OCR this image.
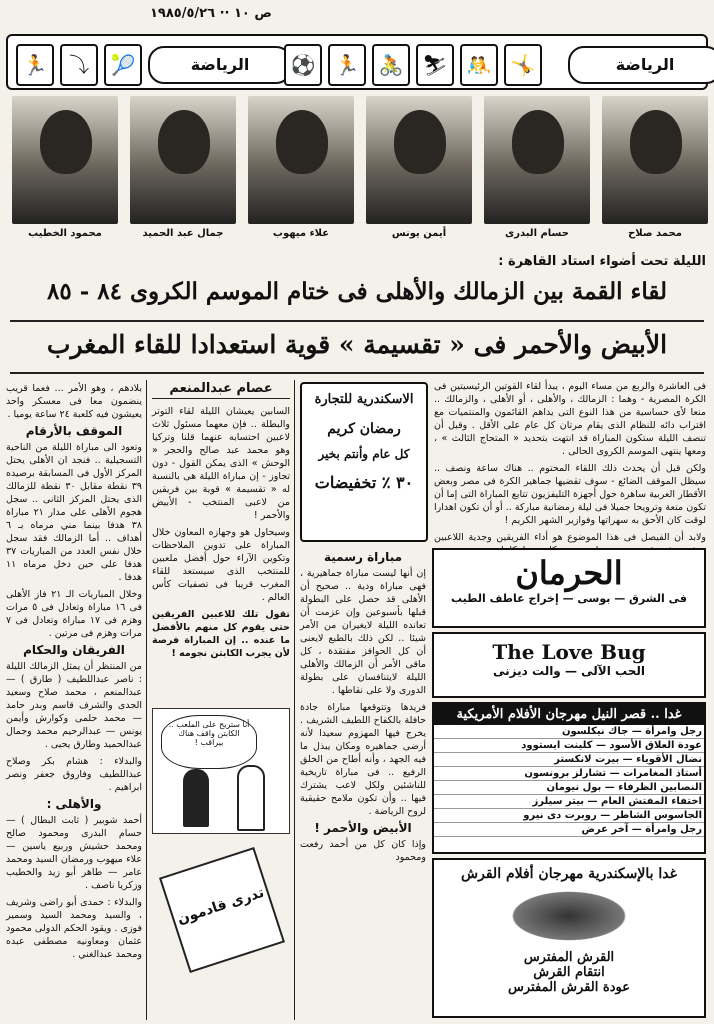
ص ١٠ ·· ١٩٨٥/٥/٢٦
🏃	⤵	🎾	الرياضة	⚽ 🏃 🚴 ⛷ 🤼 🤸	الرياضة
محمد صلاح
حسام البدرى
أيمن يونس
علاء ميهوب
جمال عبد الحميد
محمود الخطيب
الليلة تحت أضواء استاد القاهرة :
لقاء القمة بين الزمالك والأهلى فى ختام الموسم الكروى ٨٤ - ٨٥
الأبيض والأحمر فى « تقسيمة » قوية استعدادا للقاء المغرب

فى العاشرة والربع من مساء اليوم ، يبدأ لقاء القوتين الرئيسيتين فى الكرة المصرية - وهما : الزمالك ، والأهلى ، أو الأهلى ، والزمالك .. منعا لأى حساسية من هذا النوع التى يداهم القائمون والمنتميات مع اقتراب دائه للنظام الذى يقام مرتان كل عام على الأقل . وقبل أن تنصف الليلة ستكون المباراة قد انتهت بتحديد « المتحاج الثالث » ، ومعها ينتهى الموسم الكروى الحالى .

ولكن قبل أن يحدث ذلك اللقاء المحتوم .. هناك ساعة ونصف .. سيظل الموقف الضائع - سوف تقضيها جماهير الكرة فى مصر وبعض الأقطار العربية ساهرة حول أجهزة التليفزيون تتابع المباراة التى إما أن تكون متعة وترويحا جميلا فى ليلة رمضانية مباركة .. أو أن تكون اهدارا لوقت كان الأحق به سهراتها وفوازير الشهر الكريم !

ولابد أن الفيصل فى هذا الموضوع هو أداء الفريقين وجدية اللاعبين

الاسكندرية للتجارة
رمضان كريم
كل عام وأنتم بخير
٣٠ ٪ تخفيضات
الحرمان
فى الشرق — بوسى — إخراج عاطف الطيب
The Love Bug
الحب الآلى — والت ديزنى
غدا .. قصر النيل مهرجان الأفلام الأمريكية
رجل وامرأة — جاك نيكلسون
عودة العلاق الأسود — كلينت ايستوود
نضال الأقوياء — بيرت لانكستر
أستاذ المغامرات — تشارلز برونسون
النصابين الظرفاء — بول نيومان
اختفاء المفتش العام — بيتر سيلرز
الجاسوس الشاطر — روبرت دى نيرو
رجل وامرأة — آخر عرض
غدا بالإسكندرية مهرجان أفلام القرش
القرش المفترس
انتقام القرش
عودة القرش المفترس
مباراة رسمية

إن أنها ليست مباراة جماهيرية ، فهى مباراة ودية .. صحيح أن الأهلى قد حصل على البطولة قبلها بأسبوعين وإن عزمت أن تعانده الليلة لايغيران من الأمر شيئا .. لكن ذلك بالطبع لايعنى أن كل الحوافز مفتقدة ، كل ماقى الأمر أن الزمالك والأهلى الليلة لايتنافسان على بطولة الدورى ولا على نقاطها .

فريدها وتتوقعها مباراة جادة حافلة بالكفاح اللطيف الشريف . يخرج فيها المهزوم سعيدا لأنه أرضى جماهيره ومكان يبذل ما فيه الجهد ، وأنه أطاح من الخلق الرفيع .. فى مباراة تاريخية للناشئين ولكل لاعب يشترك فيها .. وأن تكون ملامح حقيقية لروح الرياضة .

الأبيض والأحمر !

وإذا كان كل من أحمد رفعت ومحمود

عصام عبدالمنعم

السابين يعيشان الليلة لقاء التوتر والبطلة .. فإن معهما مسئول ثلاث لاعبين احتسابه عنهما قلنا وتركيا وهو محمد عبد صالح والحجر « الوحش » الذى يمكن القول - دون تجاوز - إن مباراة الليلة هى بالنسبة له « تقسيمة » قوية بين فريقين من لاعبى المنتخب - الأبيض والأحمر !

وسيحاول هو وجهازه المعاون خلال المباراة على تدوين الملاحظات وتكوين الآراء حول أفضل ملعبين للمنتخب الذى سيستعد للقاء المغرب قريبا فى تصفيات كأس العالم .

تقول تلك للاعبين الفريقين حتى يقوم كل منهم بالأفضل ما عنده .. إن المباراة فرصة لأن يجرب الكابتن نجومه !

أنا ستريح على الملعب .. الكابتن واقف هناك بيراقب !
تدرى قادمون

بلادهم ، وهو الأمر ... فعما قريب ينضمون معا فى معسكر واحد يعيشون فيه كلعبة ٢٤ ساعة يوميا .

الموقف بالأرقام

وتعود الى مباراة الليلة من الناحية التسجيلية .. فنجد ان الأهلى يحتل المركز الأول فى المسابقة برصيده ٣٩ نقطة مقابل ٣٠ نقطة للزمالك الذى يحتل المركز الثانى .. سجل هجوم الأهلى على مدار ٢١ مباراة ٣٨ هدفا بينما مني مرماه بـ ٦ أهداف .. أما الزمالك فقد سجل خلال نفس العدد من المباريات ٣٧ هدفا على حين دخل مرماه ١١ هدفا .

وخلال المباريات الـ ٢١ فاز الأهلى فى ١٦ مباراة وتعادل فى ٥ مرات وهزم فى ١٧ مباراة وتعادل فى ٧ مرات وهزم فى مرتين .

الفريقان والحكام

من المنتظر أن يمثل الزمالك الليلة : ناصر عبداللطيف ( طارق ) — عبدالمنعم ، محمد صلاح وسعيد الجدى والشرف قاسم وبدر حامد — محمد حلمى وكوارش وأيمن يونس — عبدالرحيم محمد وجمال عبدالحميد وطارق يحيى .

والبدلاء : هشام بكر وصلاح عبداللطيف وفاروق جعفر ونصر ابراهيم .

والأهلى :

أحمد شوبير ( ثابت البطال ) — حسام البدرى ومحمود صالح ومحمد حشيش وربيع ياسين — علاء ميهوب ورمضان السيد ومحمد عامر — طاهر أبو زيد والخطيب وزكريا ناصف .

والبدلاء : حمدى أبو راضى وشريف ، والسيد ومحمد السيد وسمير فوزى . ويقود الحكم الدولى محمود عثمان ومعاونيه مصطفى عبده ومحمد عبدالغني .
